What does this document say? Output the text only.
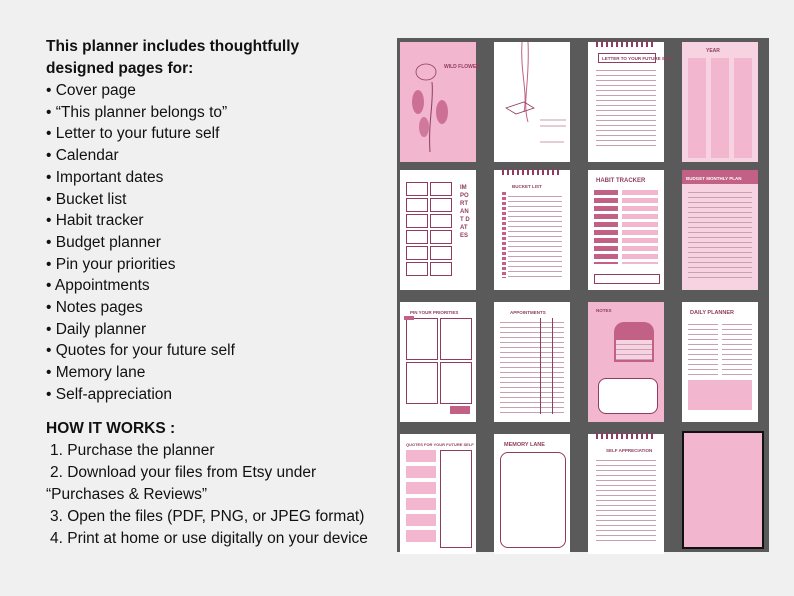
This planner includes thoughtfully
designed pages for:

• Cover page
• “This planner belongs to”
• Letter to your future self
• Calendar
• Important dates
• Bucket list
• Habit tracker
• Budget planner
• Pin your priorities
• Appointments
• Notes pages
• Daily planner
• Quotes for your future self
• Memory lane
• Self-appreciation

HOW IT WORKS :

1. Purchase the planner
2. Download your files from Etsy under
“Purchases & Reviews”
3. Open the files (PDF, PNG, or JPEG format)
4. Print at home or use digitally on your device
WILD FLOWER
LETTER TO YOUR FUTURE SELF
YEAR
IMPORTANT DATES
BUCKET LIST
HABIT TRACKER	BUDGET MONTHLY PLAN
PIN YOUR PRIORITIES	APPOINTMENTS	NOTES	DAILY PLANNER
QUOTES FOR YOUR FUTURE SELF	MEMORY LANE
SELF APPRECIATION
